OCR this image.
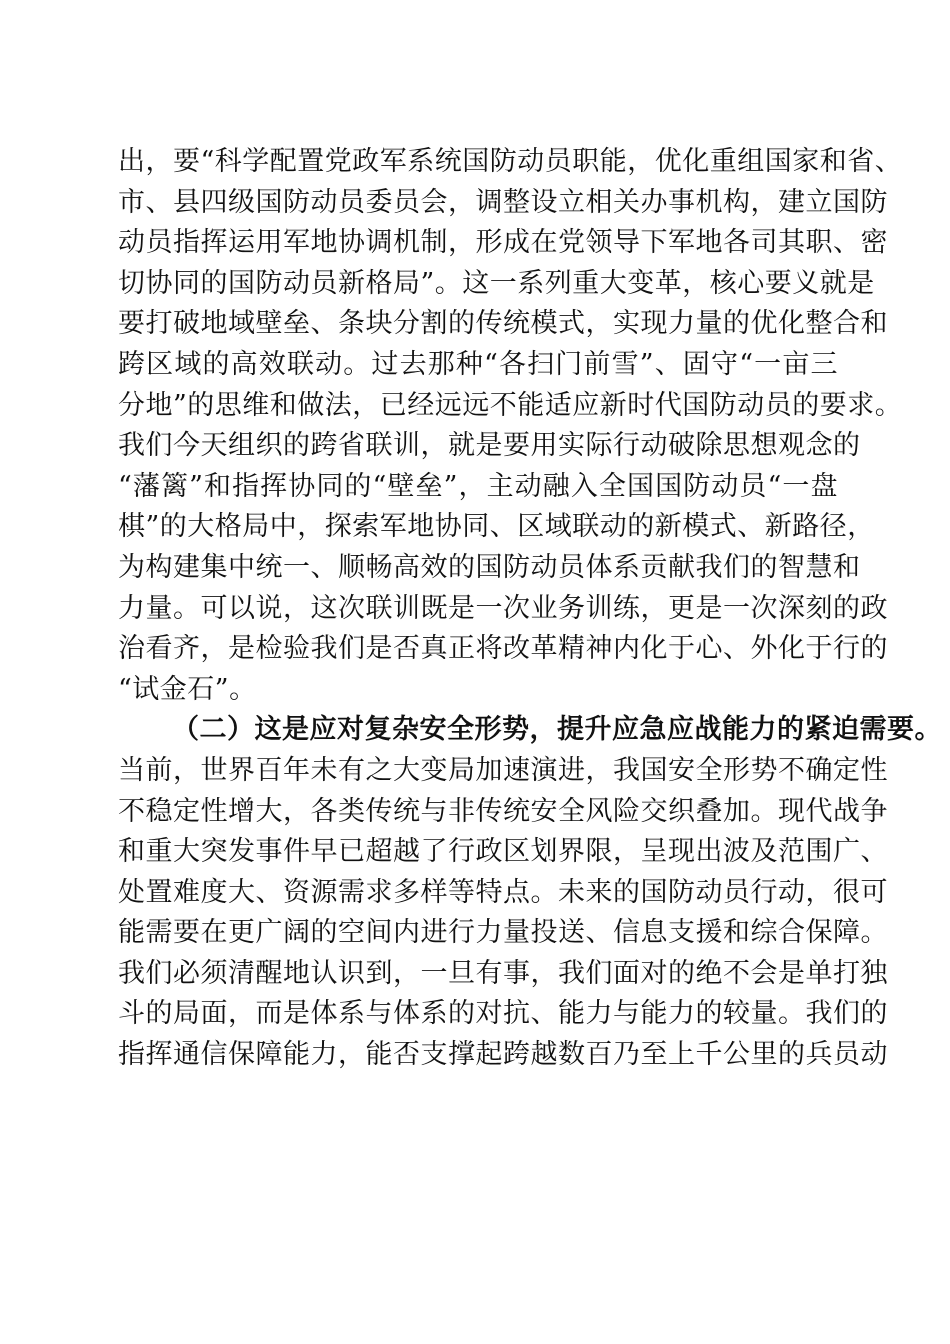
出，要“科学配置党政军系统国防动员职能，优化重组国家和省、
市、县四级国防动员委员会，调整设立相关办事机构，建立国防
动员指挥运用军地协调机制，形成在党领导下军地各司其职、密
切协同的国防动员新格局”。这一系列重大变革，核心要义就是
要打破地域壁垒、条块分割的传统模式，实现力量的优化整合和
跨区域的高效联动。过去那种“各扫门前雪”、固守“一亩三
分地”的思维和做法，已经远远不能适应新时代国防动员的要求。
我们今天组织的跨省联训，就是要用实际行动破除思想观念的
“藩篱”和指挥协同的“壁垒”，主动融入全国国防动员“一盘
棋”的大格局中，探索军地协同、区域联动的新模式、新路径，
为构建集中统一、顺畅高效的国防动员体系贡献我们的智慧和
力量。可以说，这次联训既是一次业务训练，更是一次深刻的政
治看齐，是检验我们是否真正将改革精神内化于心、外化于行的
“试金石”。
（二）这是应对复杂安全形势，提升应急应战能力的紧迫需要。
当前，世界百年未有之大变局加速演进，我国安全形势不确定性
不稳定性增大，各类传统与非传统安全风险交织叠加。现代战争
和重大突发事件早已超越了行政区划界限，呈现出波及范围广、
处置难度大、资源需求多样等特点。未来的国防动员行动，很可
能需要在更广阔的空间内进行力量投送、信息支援和综合保障。
我们必须清醒地认识到，一旦有事，我们面对的绝不会是单打独
斗的局面，而是体系与体系的对抗、能力与能力的较量。我们的
指挥通信保障能力，能否支撑起跨越数百乃至上千公里的兵员动
